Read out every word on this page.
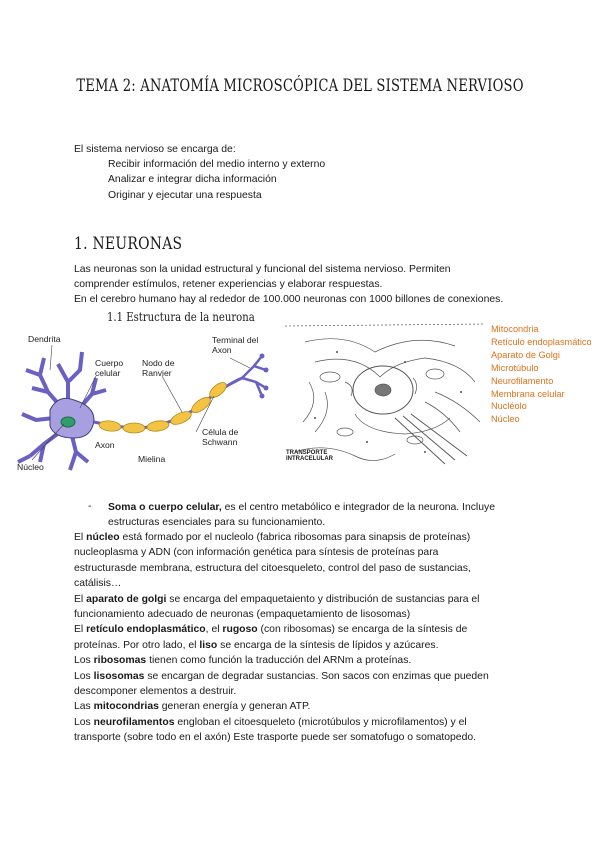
TEMA 2: ANATOMÍA MICROSCÓPICA DEL SISTEMA NERVIOSO
El sistema nervioso se encarga de:
Recibir información del medio interno y externo
Analizar e integrar dicha información
Originar y ejecutar una respuesta
1. NEURONAS
Las neuronas son la unidad estructural y funcional del sistema nervioso. Permiten
comprender estímulos, retener experiencias y elaborar respuestas.
En el cerebro humano hay al rededor de 100.000 neuronas con 1000 billones de conexiones.
1.1 Estructura de la neurona
Dendrita
Cuerpo
celular
Nodo de
Ranvier
Terminal del
Axon
Axon
Célula de
Schwann
Núcleo
Mielina
TRANSPORTE
INTRACELULAR
Mitocondria
Retículo endoplasmático
Aparato de Golgi
Microtúbulo
Neurofilamento
Membrana celular
Nucléolo
Núcleo
- Soma o cuerpo celular, es el centro metabólico e integrador de la neurona. Incluye

estructuras esenciales para su funcionamiento.

El núcleo está formado por el nucleolo (fabrica ribosomas para sinapsis de proteínas)

nucleoplasma y ADN (con información genética para síntesis de proteínas para

estructurasde membrana, estructura del citoesqueleto, control del paso de sustancias,

catálisis…

El aparato de golgi se encarga del empaquetaiento y distribución de sustancias para el

funcionamiento adecuado de neuronas (empaquetamiento de lisosomas)

El retículo endoplasmático, el rugoso (con ribosomas) se encarga de la síntesis de

proteínas. Por otro lado, el liso se encarga de la síntesis de lípidos y azúcares.

Los ribosomas tienen como función la traducción del ARNm a proteínas.

Los lisosomas se encargan de degradar sustancias. Son sacos con enzimas que pueden

descomponer elementos a destruir.

Las mitocondrias generan energía y generan ATP.

Los neurofilamentos engloban el citoesqueleto (microtúbulos y microfilamentos) y el

transporte (sobre todo en el axón) Este trasporte puede ser somatofugo o somatopedo.
